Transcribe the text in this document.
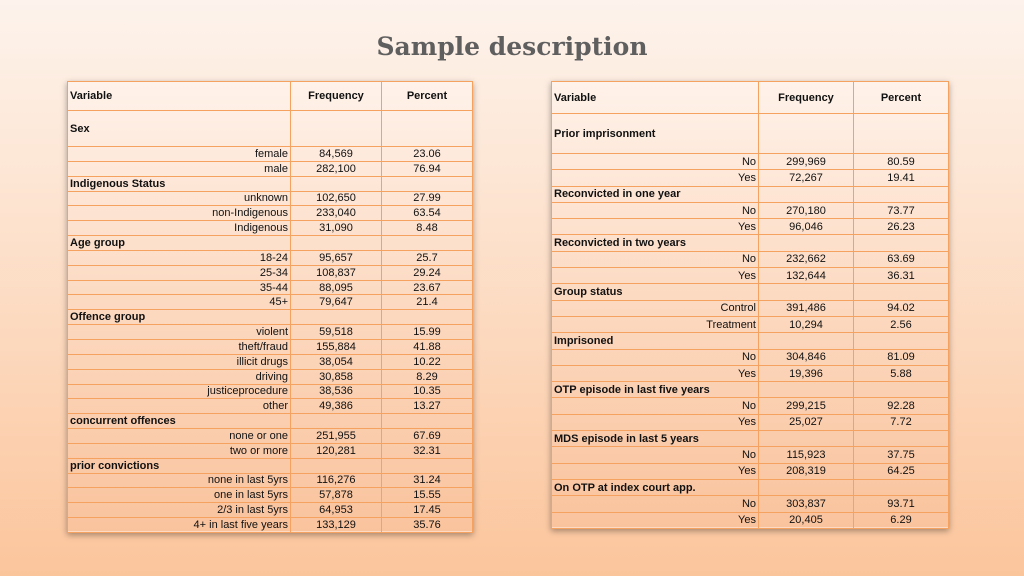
Sample description
Variable	Frequency	Percent
Sex		
female	84,569	23.06
male	282,100	76.94
Indigenous Status		
unknown	102,650	27.99
non-Indigenous	233,040	63.54
Indigenous	31,090	8.48
Age group		
18-24	95,657	25.7
25-34	108,837	29.24
35-44	88,095	23.67
45+	79,647	21.4
Offence group		
violent	59,518	15.99
theft/fraud	155,884	41.88
illicit drugs	38,054	10.22
driving	30,858	8.29
justiceprocedure	38,536	10.35
other	49,386	13.27
concurrent offences		
none or one	251,955	67.69
two or more	120,281	32.31
prior convictions		
none in last 5yrs	116,276	31.24
one in last 5yrs	57,878	15.55
2/3 in last 5yrs	64,953	17.45
4+ in last five years	133,129	35.76
Variable	Frequency	Percent
Prior imprisonment		
No	299,969	80.59
Yes	72,267	19.41
Reconvicted in one year		
No	270,180	73.77
Yes	96,046	26.23
Reconvicted in two years		
No	232,662	63.69
Yes	132,644	36.31
Group status		
Control	391,486	94.02
Treatment	10,294	2.56
Imprisoned		
No	304,846	81.09
Yes	19,396	5.88
OTP episode in last five years		
No	299,215	92.28
Yes	25,027	7.72
MDS episode in last 5 years		
No	115,923	37.75
Yes	208,319	64.25
On OTP at index court app.		
No	303,837	93.71
Yes	20,405	6.29
